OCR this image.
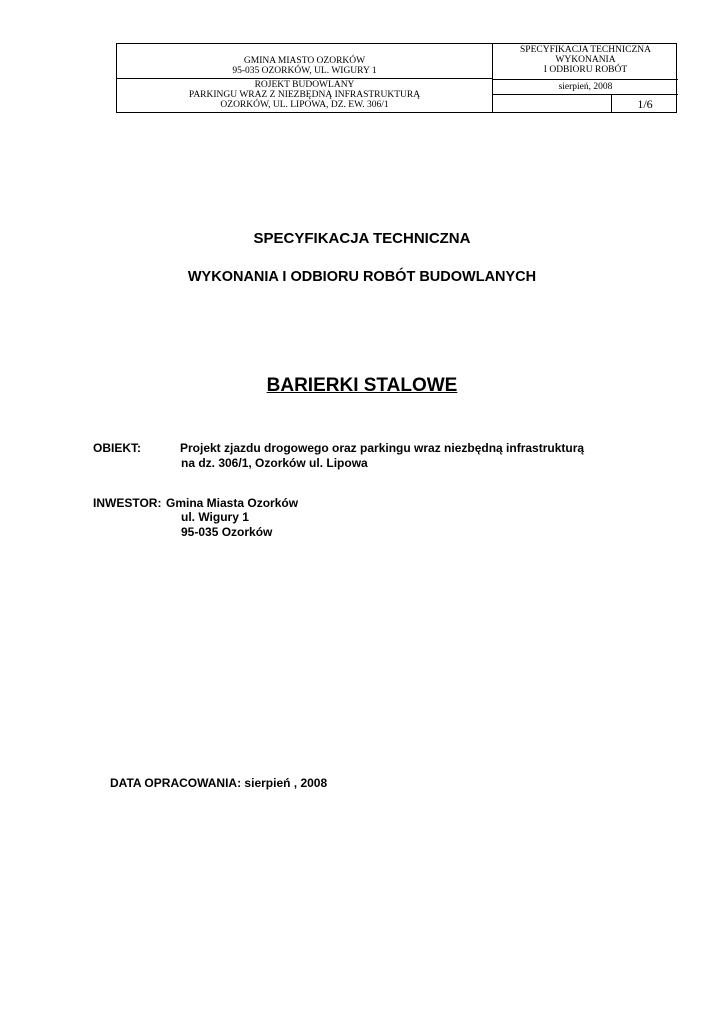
GMINA MIASTO OZORKÓW
95-035 OZORKÓW, UL. WIGURY 1
ROJEKT BUDOWLANY
PARKINGU WRAZ Z NIEZBĘDNĄ INFRASTRUKTURĄ
OZORKÓW, UL. LIPOWA, DZ. EW. 306/1
SPECYFIKACJA TECHNICZNA
WYKONANIA
I ODBIORU ROBÓT
sierpień, 2008
1/6
SPECYFIKACJA TECHNICZNA
WYKONANIA I ODBIORU ROBÓT BUDOWLANYCH
BARIERKI STALOWE
OBIEKT:	Projekt zjazdu drogowego oraz parkingu wraz niezbędną infrastrukturą
na dz. 306/1, Ozorków ul. Lipowa
INWESTOR: Gmina Miasta Ozorków
ul. Wigury 1
95-035 Ozorków
DATA OPRACOWANIA: sierpień , 2008
